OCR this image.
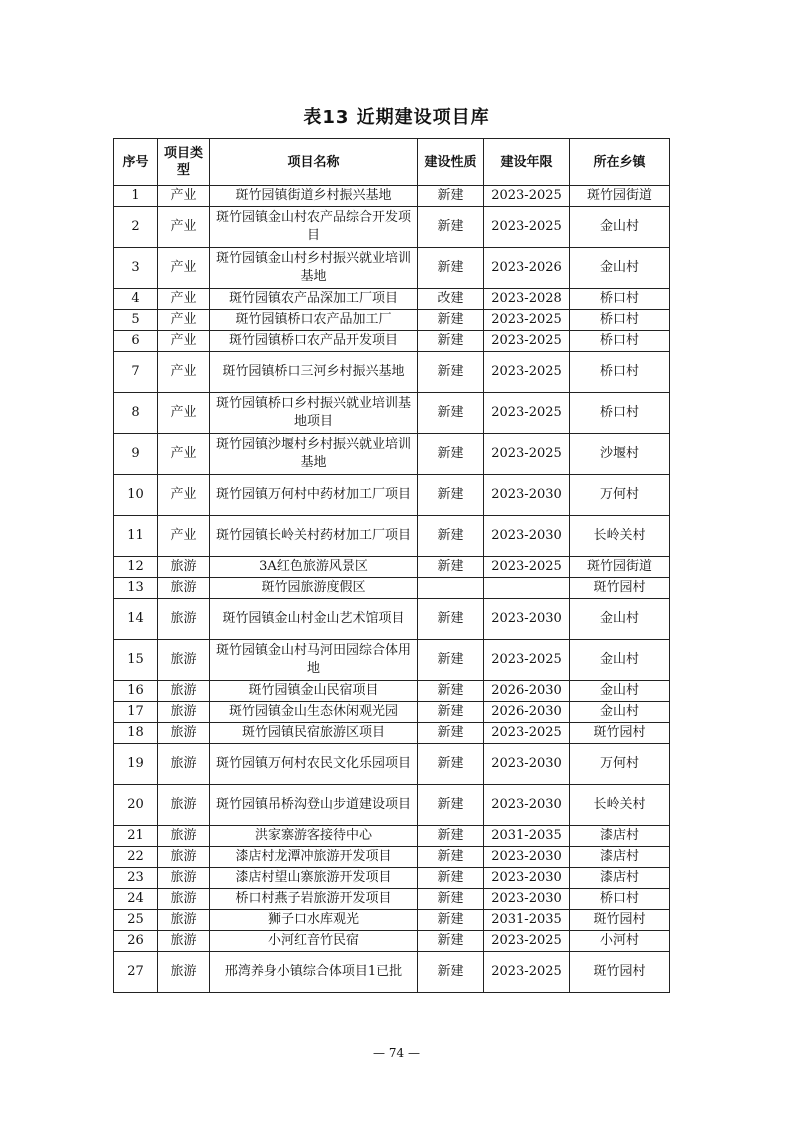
表13 近期建设项目库
序号	项目类型	项目名称	建设性质	建设年限	所在乡镇
1	产业	斑竹园镇街道乡村振兴基地	新建	2023-2025	斑竹园街道
2	产业	斑竹园镇金山村农产品综合开发项目	新建	2023-2025	金山村
3	产业	斑竹园镇金山村乡村振兴就业培训基地	新建	2023-2026	金山村
4	产业	斑竹园镇农产品深加工厂项目	改建	2023-2028	桥口村
5	产业	斑竹园镇桥口农产品加工厂	新建	2023-2025	桥口村
6	产业	斑竹园镇桥口农产品开发项目	新建	2023-2025	桥口村
7	产业	斑竹园镇桥口三河乡村振兴基地	新建	2023-2025	桥口村
8	产业	斑竹园镇桥口乡村振兴就业培训基地项目	新建	2023-2025	桥口村
9	产业	斑竹园镇沙堰村乡村振兴就业培训基地	新建	2023-2025	沙堰村
10	产业	斑竹园镇万何村中药材加工厂项目	新建	2023-2030	万何村
11	产业	斑竹园镇长岭关村药材加工厂项目	新建	2023-2030	长岭关村
12	旅游	3A红色旅游风景区	新建	2023-2025	斑竹园街道
13	旅游	斑竹园旅游度假区			斑竹园村
14	旅游	斑竹园镇金山村金山艺术馆项目	新建	2023-2030	金山村
15	旅游	斑竹园镇金山村马河田园综合体用地	新建	2023-2025	金山村
16	旅游	斑竹园镇金山民宿项目	新建	2026-2030	金山村
17	旅游	斑竹园镇金山生态休闲观光园	新建	2026-2030	金山村
18	旅游	斑竹园镇民宿旅游区项目	新建	2023-2025	斑竹园村
19	旅游	斑竹园镇万何村农民文化乐园项目	新建	2023-2030	万何村
20	旅游	斑竹园镇吊桥沟登山步道建设项目	新建	2023-2030	长岭关村
21	旅游	洪家寨游客接待中心	新建	2031-2035	漆店村
22	旅游	漆店村龙潭冲旅游开发项目	新建	2023-2030	漆店村
23	旅游	漆店村望山寨旅游开发项目	新建	2023-2030	漆店村
24	旅游	桥口村燕子岩旅游开发项目	新建	2023-2030	桥口村
25	旅游	狮子口水库观光	新建	2031-2035	斑竹园村
26	旅游	小河红音竹民宿	新建	2023-2025	小河村
27	旅游	邢湾养身小镇综合体项目1已批	新建	2023-2025	斑竹园村
— 74 —
